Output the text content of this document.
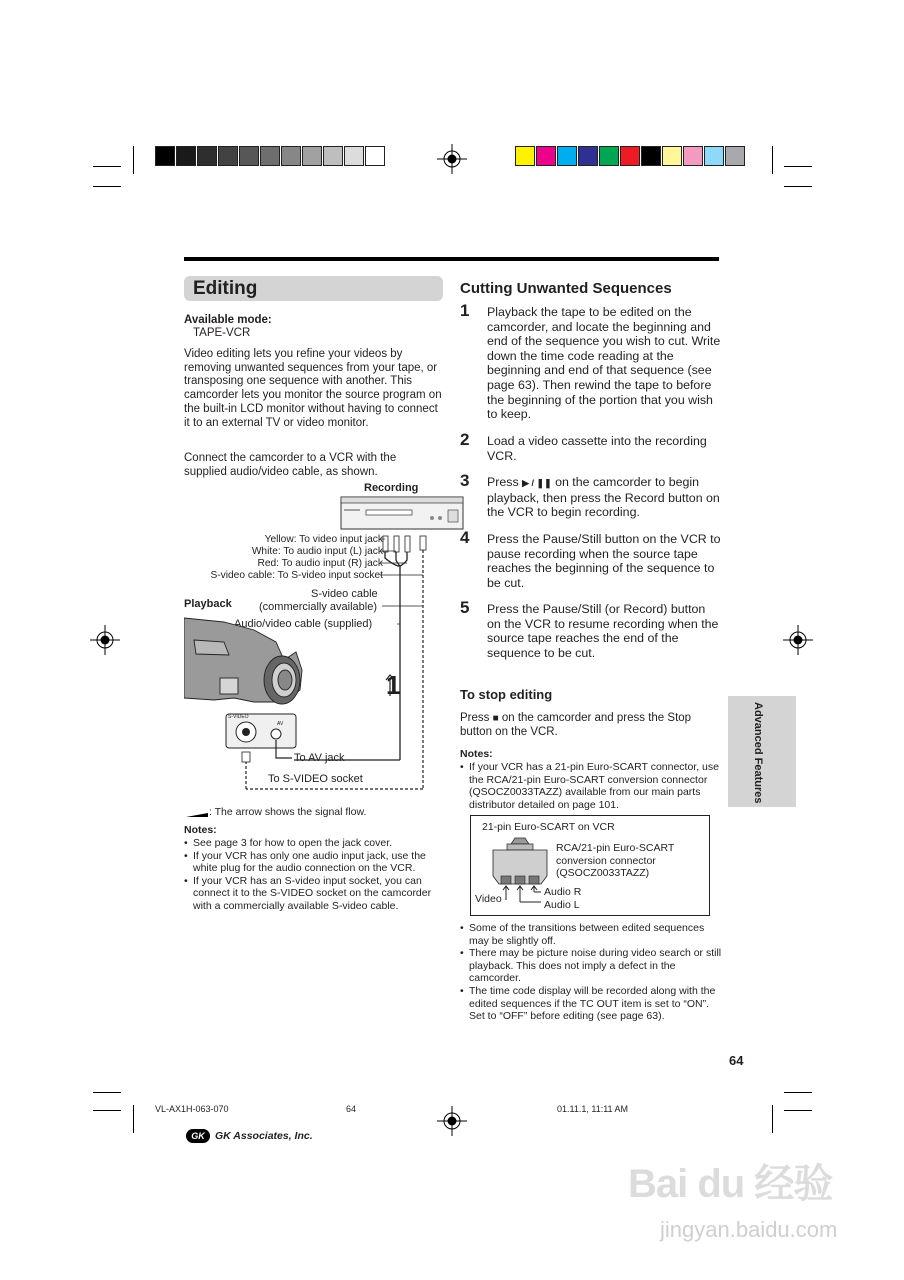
Editing
Available mode:
TAPE-VCR
Video editing lets you refine your videos by removing unwanted sequences from your tape, or transposing one sequence with another. This camcorder lets you monitor the source program on the built-in LCD monitor without having to connect it to an external TV or video monitor.
Connect the camcorder to a VCR with the supplied audio/video cable, as shown.
Recording
Yellow: To video input jack
White: To audio input (L) jack
Red: To audio input (R) jack
S-video cable: To S-video input socket
S-video cable
(commercially available)
Playback
Audio/video cable (supplied)
S-VIDEO
AV
1
To AV jack
To S-VIDEO socket
: The arrow shows the signal flow.
Notes:
• See page 3 for how to open the jack cover.
• If your VCR has only one audio input jack, use the white plug for the audio connection on the VCR.
• If your VCR has an S-video input socket, you can connect it to the S-VIDEO socket on the camcorder with a commercially available S-video cable.
Cutting Unwanted Sequences
1 Playback the tape to be edited on the camcorder, and locate the beginning and end of the sequence you wish to cut. Write down the time code reading at the beginning and end of that sequence (see page 63). Then rewind the tape to before the beginning of the portion that you wish to keep.
2 Load a video cassette into the recording VCR.
3 Press ▶ / ❚❚ on the camcorder to begin playback, then press the Record button on the VCR to begin recording.
4 Press the Pause/Still button on the VCR to pause recording when the source tape reaches the beginning of the sequence to be cut.
5 Press the Pause/Still (or Record) button on the VCR to resume recording when the source tape reaches the end of the sequence to be cut.
To stop editing
Press ■ on the camcorder and press the Stop button on the VCR.
Notes:
• If your VCR has a 21-pin Euro-SCART connector, use the RCA/21-pin Euro-SCART conversion connector (QSOCZ0033TAZZ) available from our main parts distributor detailed on page 101.
21-pin Euro-SCART on VCR
RCA/21-pin Euro-SCART
conversion connector
(QSOCZ0033TAZZ)
Video
Audio R
Audio L
• Some of the transitions between edited sequences may be slightly off.
• There may be picture noise during video search or still playback. This does not imply a defect in the camcorder.
• The time code display will be recorded along with the edited sequences if the TC OUT item is set to “ON”. Set to “OFF” before editing (see page 63).
Advanced Features
64
VL-AX1H-063-070	64	01.11.1, 11:11 AM
GK GK Associates, Inc.
Bai du 经验
jingyan.baidu.com
